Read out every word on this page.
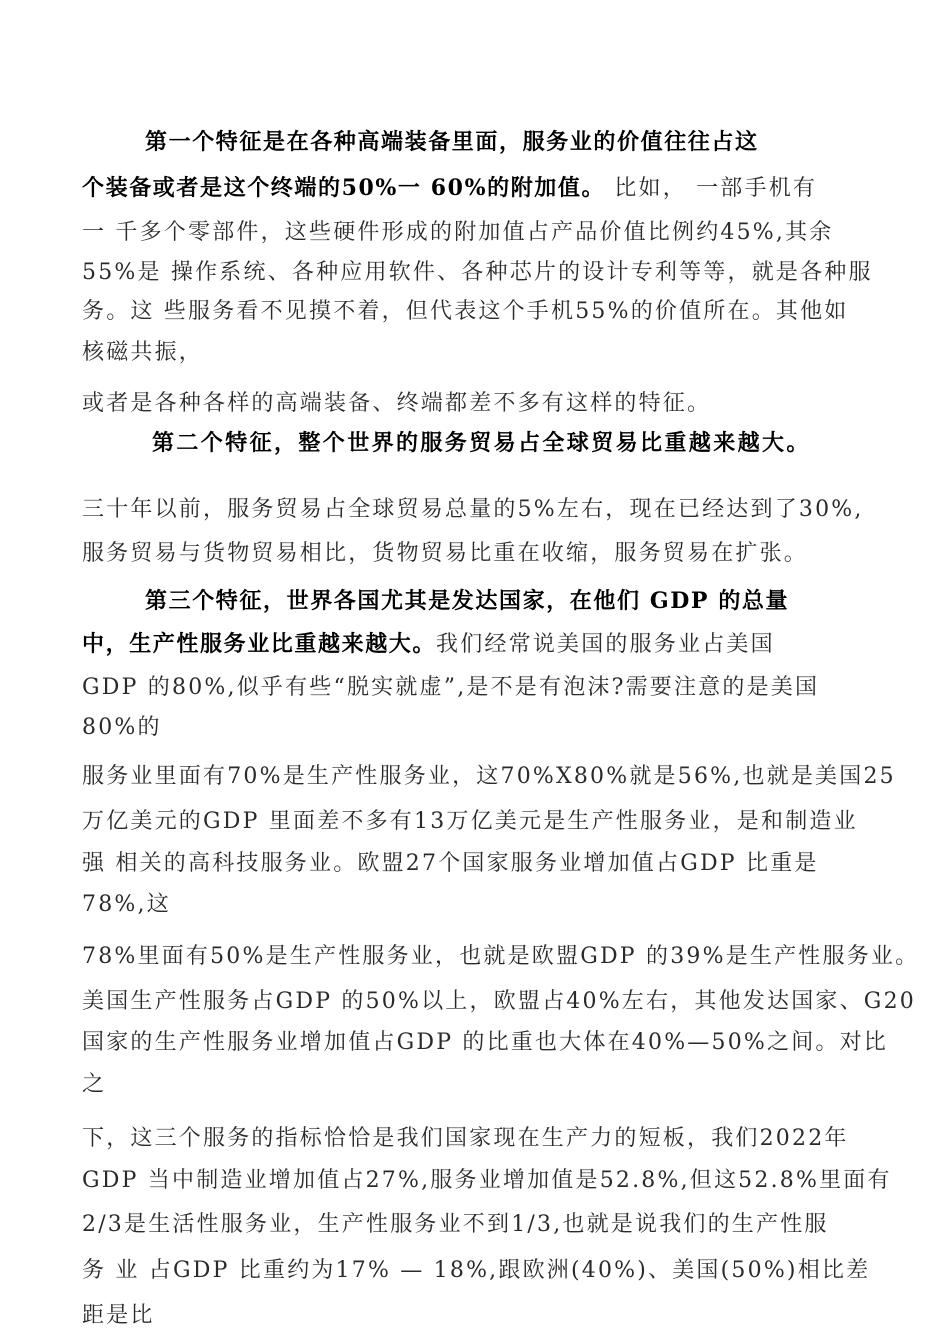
第一个特征是在各种高端装备里面，服务业的价值往往占这
个装备或者是这个终端的50%一 60%的附加值。 比如， 一部手机有
一 千多个零部件，这些硬件形成的附加值占产品价值比例约45%,其余
55%是 操作系统、各种应用软件、各种芯片的设计专利等等，就是各种服
务。这 些服务看不见摸不着，但代表这个手机55%的价值所在。其他如
核磁共振，
或者是各种各样的高端装备、终端都差不多有这样的特征。
第二个特征，整个世界的服务贸易占全球贸易比重越来越大。
三十年以前，服务贸易占全球贸易总量的5%左右，现在已经达到了30%,
服务贸易与货物贸易相比，货物贸易比重在收缩，服务贸易在扩张。
第三个特征，世界各国尤其是发达国家，在他们 GDP 的总量
中，生产性服务业比重越来越大。我们经常说美国的服务业占美国
GDP 的80%,似乎有些“脱实就虚”,是不是有泡沫?需要注意的是美国
80%的
服务业里面有70%是生产性服务业，这70%X80%就是56%,也就是美国25
万亿美元的GDP 里面差不多有13万亿美元是生产性服务业，是和制造业
强 相关的高科技服务业。欧盟27个国家服务业增加值占GDP 比重是
78%,这
78%里面有50%是生产性服务业，也就是欧盟GDP 的39%是生产性服务业。
美国生产性服务占GDP 的50%以上，欧盟占40%左右，其他发达国家、G20
国家的生产性服务业增加值占GDP 的比重也大体在40%—50%之间。对比
之
下，这三个服务的指标恰恰是我们国家现在生产力的短板，我们2022年
GDP 当中制造业增加值占27%,服务业增加值是52.8%,但这52.8%里面有
2/3是生活性服务业，生产性服务业不到1/3,也就是说我们的生产性服
务 业 占GDP 比重约为17% — 18%,跟欧洲(40%)、美国(50%)相比差
距是比
